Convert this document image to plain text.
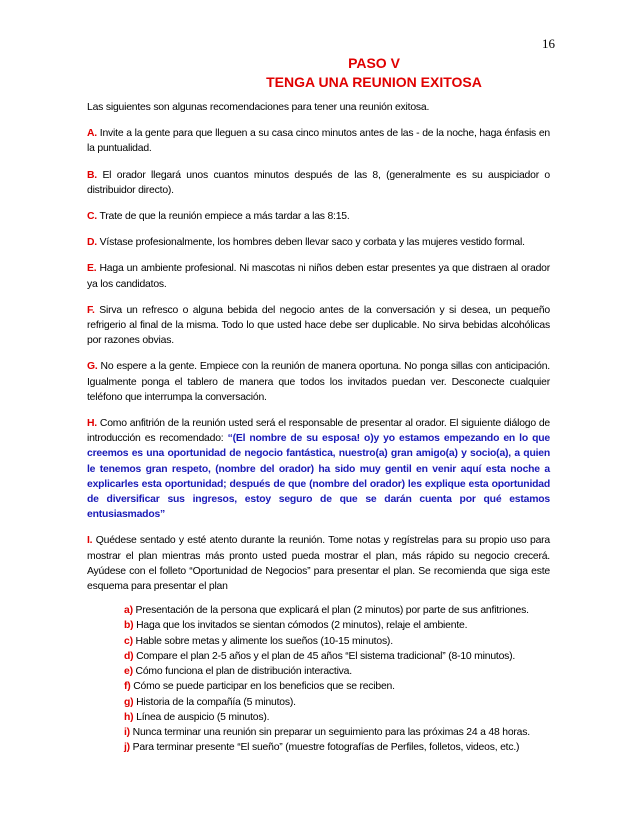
16
PASO V
TENGA UNA REUNION EXITOSA

Las siguientes son algunas recomendaciones para tener una reunión exitosa.

A. Invite a la gente para que lleguen a su casa cinco minutos antes de las - de la noche, haga énfasis en la puntualidad.

B. El orador llegará unos cuantos minutos después de las 8, (generalmente es su auspiciador o distribuidor directo).

C. Trate de que la reunión empiece a más tardar a las 8:15.

D. Vístase profesionalmente, los hombres deben llevar saco y corbata y las mujeres vestido formal.

E. Haga un ambiente profesional. Ni mascotas ni niños deben estar presentes ya que distraen al orador ya los candidatos.

F. Sirva un refresco o alguna bebida del negocio antes de la conversación y si desea, un pequeño refrigerio al final de la misma. Todo lo que usted hace debe ser duplicable. No sirva bebidas alcohólicas por razones obvias.

G. No espere a la gente. Empiece con la reunión de manera oportuna. No ponga sillas con anticipación. Igualmente ponga el tablero de manera que todos los invitados puedan ver. Desconecte cualquier teléfono que interrumpa la conversación.

H. Como anfitrión de la reunión usted será el responsable de presentar al orador. El siguiente diálogo de introducción es recomendado: “(El nombre de su esposa! o)y yo estamos empezando en lo que creemos es una oportunidad de negocio fantástica, nuestro(a) gran amigo(a) y socio(a), a quien le tenemos gran respeto, (nombre del orador) ha sido muy gentil en venir aquí esta noche a explicarles esta oportunidad; después de que (nombre del orador) les explique esta oportunidad de diversificar sus ingresos, estoy seguro de que se darán cuenta por qué estamos entusiasmados”

I. Quédese sentado y esté atento durante la reunión. Tome notas y regístrelas para su propio uso para mostrar el plan mientras más pronto usted pueda mostrar el plan, más rápido su negocio crecerá. Ayúdese con el folleto “Oportunidad de Negocios” para presentar el plan. Se recomienda que siga este esquema para presentar el plan

a) Presentación de la persona que explicará el plan (2 minutos) por parte de sus anfitriones.
b) Haga que los invitados se sientan cómodos (2 minutos), relaje el ambiente.
c) Hable sobre metas y alimente los sueños (10-15 minutos).
d) Compare el plan 2-5 años y el plan de 45 años “El sistema tradicional” (8-10 minutos).
e) Cómo funciona el plan de distribución interactiva.
f) Cómo se puede participar en los beneficios que se reciben.
g) Historia de la compañía (5 minutos).
h) Línea de auspicio (5 minutos).
i) Nunca terminar una reunión sin preparar un seguimiento para las próximas 24 a 48 horas.
j) Para terminar presente “El sueño” (muestre fotografías de Perfiles, folletos, videos, etc.)
